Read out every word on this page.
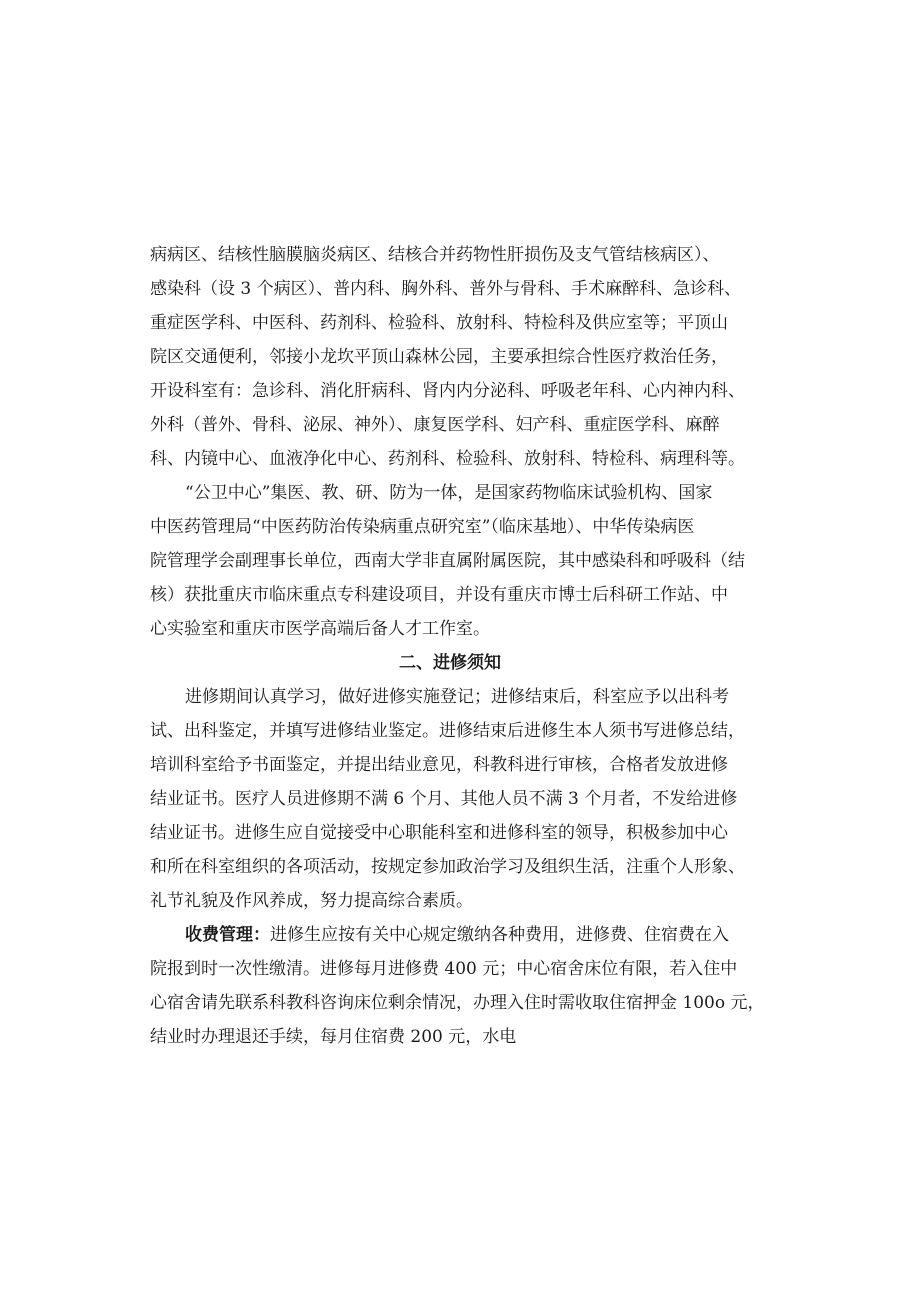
病病区、结核性脑膜脑炎病区、结核合并药物性肝损伤及支气管结核病区）、
感染科（设 3 个病区）、普内科、胸外科、普外与骨科、手术麻醉科、急诊科、
重症医学科、中医科、药剂科、检验科、放射科、特检科及供应室等；平顶山
院区交通便利，邻接小龙坎平顶山森林公园，主要承担综合性医疗救治任务，
开设科室有：急诊科、消化肝病科、肾内内分泌科、呼吸老年科、心内神内科、
外科（普外、骨科、泌尿、神外）、康复医学科、妇产科、重症医学科、麻醉
科、内镜中心、血液净化中心、药剂科、检验科、放射科、特检科、病理科等。
“公卫中心”集医、教、研、防为一体，是国家药物临床试验机构、国家
中医药管理局“中医药防治传染病重点研究室”（临床基地）、中华传染病医
院管理学会副理事长单位，西南大学非直属附属医院，其中感染科和呼吸科（结
核）获批重庆市临床重点专科建设项目，并设有重庆市博士后科研工作站、中
心实验室和重庆市医学高端后备人才工作室。
二、进修须知
进修期间认真学习，做好进修实施登记；进修结束后，科室应予以出科考
试、出科鉴定，并填写进修结业鉴定。进修结束后进修生本人须书写进修总结，
培训科室给予书面鉴定，并提出结业意见，科教科进行审核，合格者发放进修
结业证书。医疗人员进修期不满 6 个月、其他人员不满 3 个月者，不发给进修
结业证书。进修生应自觉接受中心职能科室和进修科室的领导，积极参加中心
和所在科室组织的各项活动，按规定参加政治学习及组织生活，注重个人形象、
礼节礼貌及作风养成，努力提高综合素质。
收费管理：进修生应按有关中心规定缴纳各种费用，进修费、住宿费在入
院报到时一次性缴清。进修每月进修费 400 元；中心宿舍床位有限，若入住中
心宿舍请先联系科教科咨询床位剩余情况，办理入住时需收取住宿押金 100o 元，
结业时办理退还手续，每月住宿费 200 元，水电
